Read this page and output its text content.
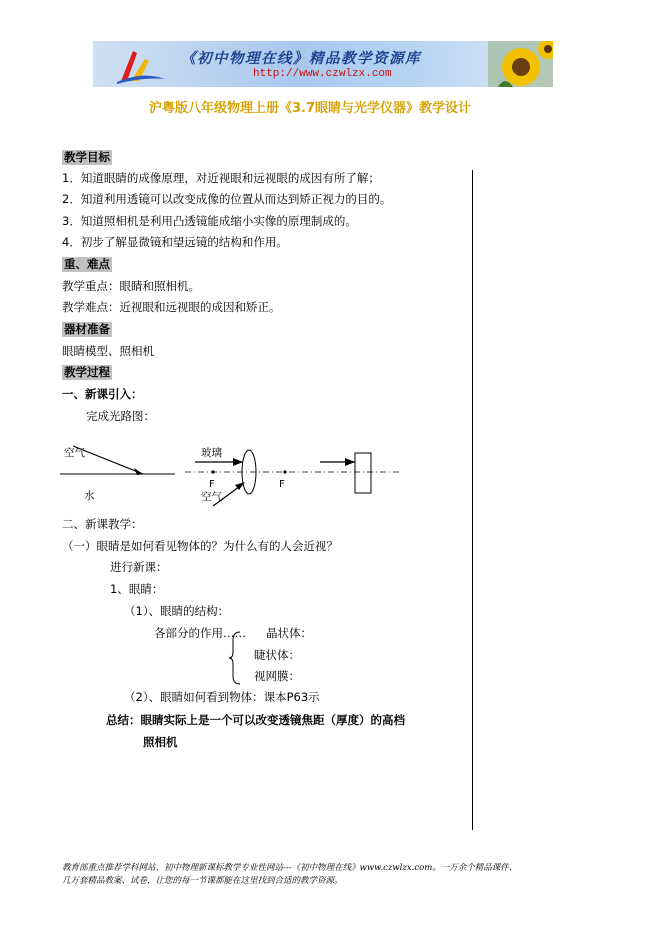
《初中物理在线》精品教学资源库
http://www.czwlzx.com
沪粤版八年级物理上册《3.7眼睛与光学仪器》教学设计
教学目标
1．知道眼睛的成像原理，对近视眼和远视眼的成因有所了解；
2．知道利用透镜可以改变成像的位置从而达到矫正视力的目的。
3．知道照相机是利用凸透镜能成缩小实像的原理制成的。
4．初步了解显微镜和望远镜的结构和作用。
重、难点
教学重点：眼睛和照相机。
教学难点：近视眼和远视眼的成因和矫正。
器材准备
眼睛模型、照相机
教学过程
一、新课引入：
完成光路图：
空气
水
玻璃
空气
F	F
二、新课教学：
（一）眼睛是如何看见物体的？为什么有的人会近视？
进行新课：
1、眼睛：
（1）、眼睛的结构：
各部分的作用…… 晶状体：
睫状体：
视网膜：
（2）、眼睛如何看到物体：课本P63示
总结：眼睛实际上是一个可以改变透镜焦距（厚度）的高档
照相机
教育部重点推荐学科网站、初中物理新课标教学专业性网站---《初中物理在线》www.czwlzx.com。一万余个精品课件、
几万套精品教案、试卷，让您的每一节课都能在这里找到合适的教学资源。
